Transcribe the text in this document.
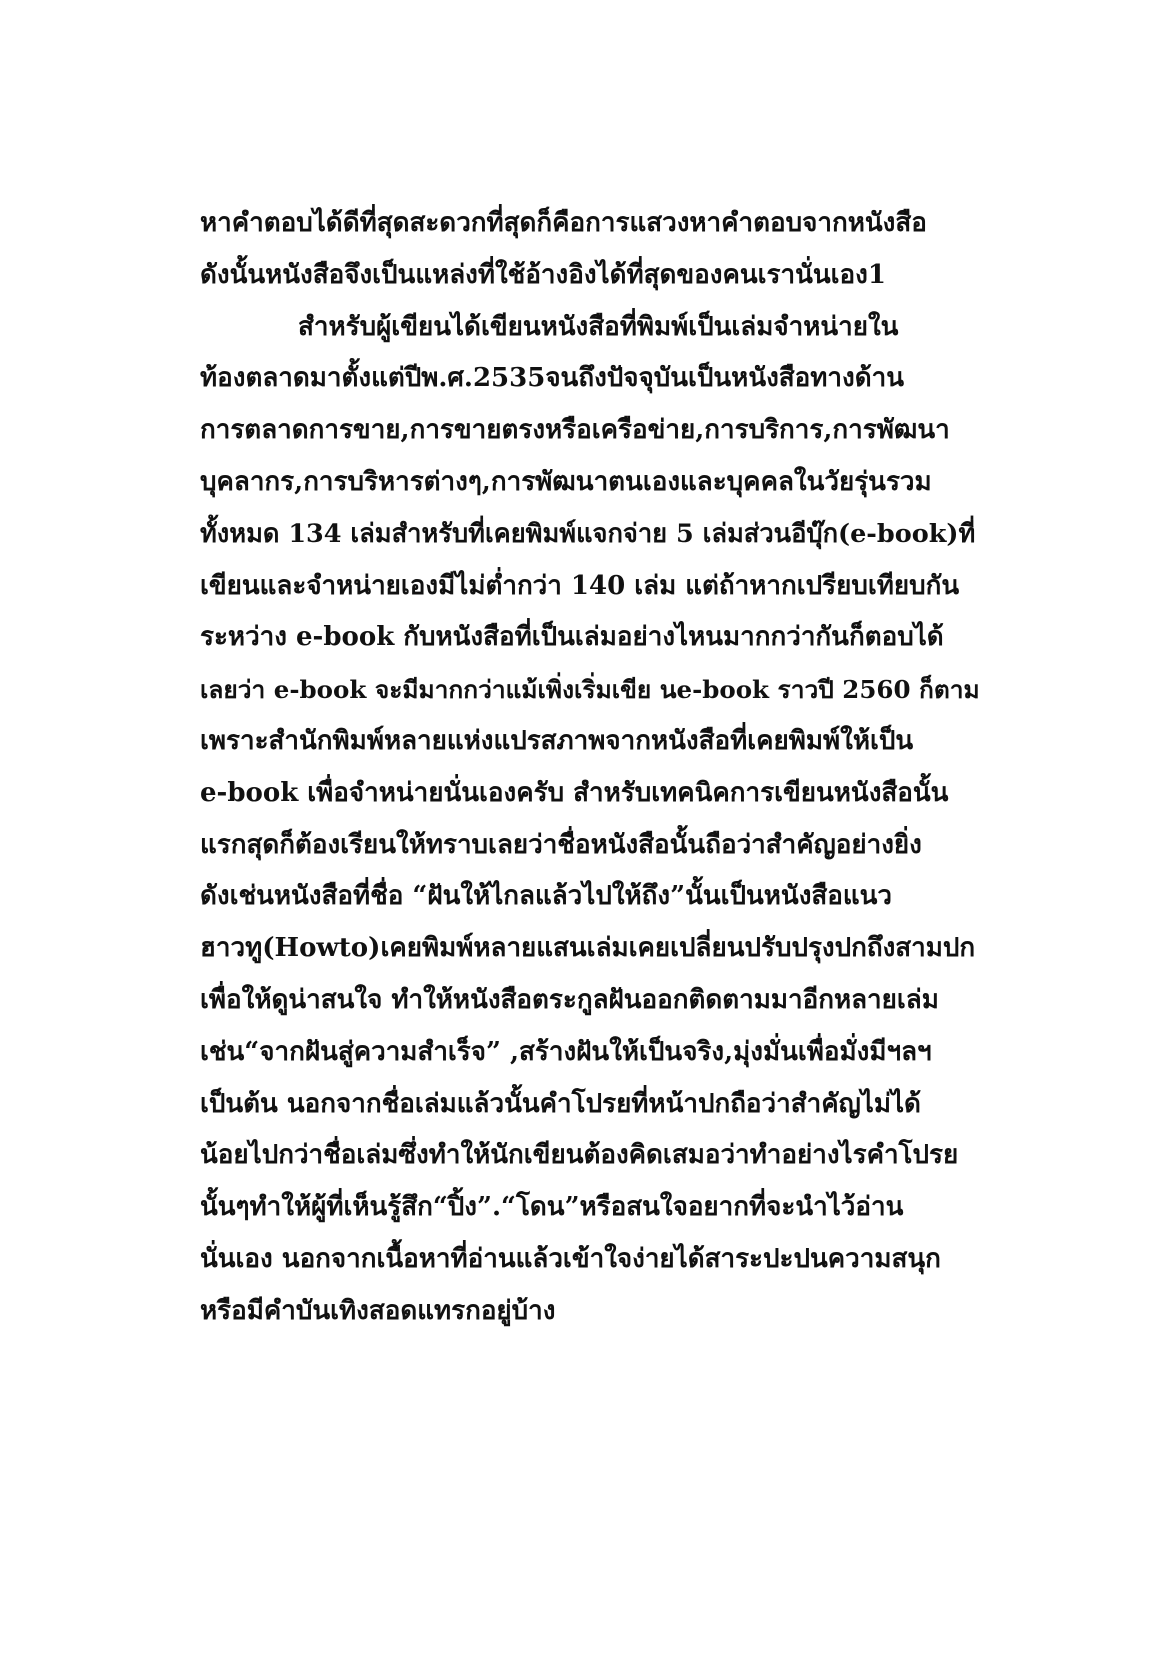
หาคำตอบได้ดีที่สุดสะดวกที่สุดก็คือการแสวงหาคำตอบจากหนังสือ
ดังนั้นหนังสือจึงเป็นแหล่งที่ใช้อ้างอิงได้ที่สุดของคนเรานั่นเอง1
สำหรับผู้เขียนได้เขียนหนังสือที่พิมพ์เป็นเล่มจำหน่ายใน
ท้องตลาดมาตั้งแต่ปีพ.ศ.2535จนถึงปัจจุบันเป็นหนังสือทางด้าน
การตลาดการขาย,การขายตรงหรือเครือข่าย,การบริการ,การพัฒนา
บุคลากร,การบริหารต่างๆ,การพัฒนาตนเองและบุคคลในวัยรุ่นรวม
ทั้งหมด 134 เล่มสำหรับที่เคยพิมพ์แจกจ่าย 5 เล่มส่วนอีบุ๊ก(e-book)ที่
เขียนและจำหน่ายเองมีไม่ต่ำกว่า 140 เล่ม แต่ถ้าหากเปรียบเทียบกัน
ระหว่าง e-book กับหนังสือที่เป็นเล่มอย่างไหนมากกว่ากันก็ตอบได้
เลยว่า e-book จะมีมากกว่าแม้เพิ่งเริ่มเขีย นe-book ราวปี 2560 ก็ตาม
เพราะสำนักพิมพ์หลายแห่งแปรสภาพจากหนังสือที่เคยพิมพ์ให้เป็น
e-book เพื่อจำหน่ายนั่นเองครับ สำหรับเทคนิคการเขียนหนังสือนั้น
แรกสุดก็ต้องเรียนให้ทราบเลยว่าชื่อหนังสือนั้นถือว่าสำคัญอย่างยิ่ง
ดังเช่นหนังสือที่ชื่อ “ฝันให้ไกลแล้วไปให้ถึง”นั้นเป็นหนังสือแนว
ฮาวทู(Howto)เคยพิมพ์หลายแสนเล่มเคยเปลี่ยนปรับปรุงปกถึงสามปก
เพื่อให้ดูน่าสนใจ ทำให้หนังสือตระกูลฝันออกติดตามมาอีกหลายเล่ม
เช่น“จากฝันสู่ความสำเร็จ” ,สร้างฝันให้เป็นจริง,มุ่งมั่นเพื่อมั่งมีฯลฯ
เป็นต้น นอกจากชื่อเล่มแล้วนั้นคำโปรยที่หน้าปกถือว่าสำคัญไม่ได้
น้อยไปกว่าชื่อเล่มซึ่งทำให้นักเขียนต้องคิดเสมอว่าทำอย่างไรคำโปรย
นั้นๆทำให้ผู้ที่เห็นรู้สึก“ปิ้ง”.“โดน”หรือสนใจอยากที่จะนำไว้อ่าน
นั่นเอง นอกจากเนื้อหาที่อ่านแล้วเข้าใจง่ายได้สาระปะปนความสนุก
หรือมีคำบันเทิงสอดแทรกอยู่บ้าง
